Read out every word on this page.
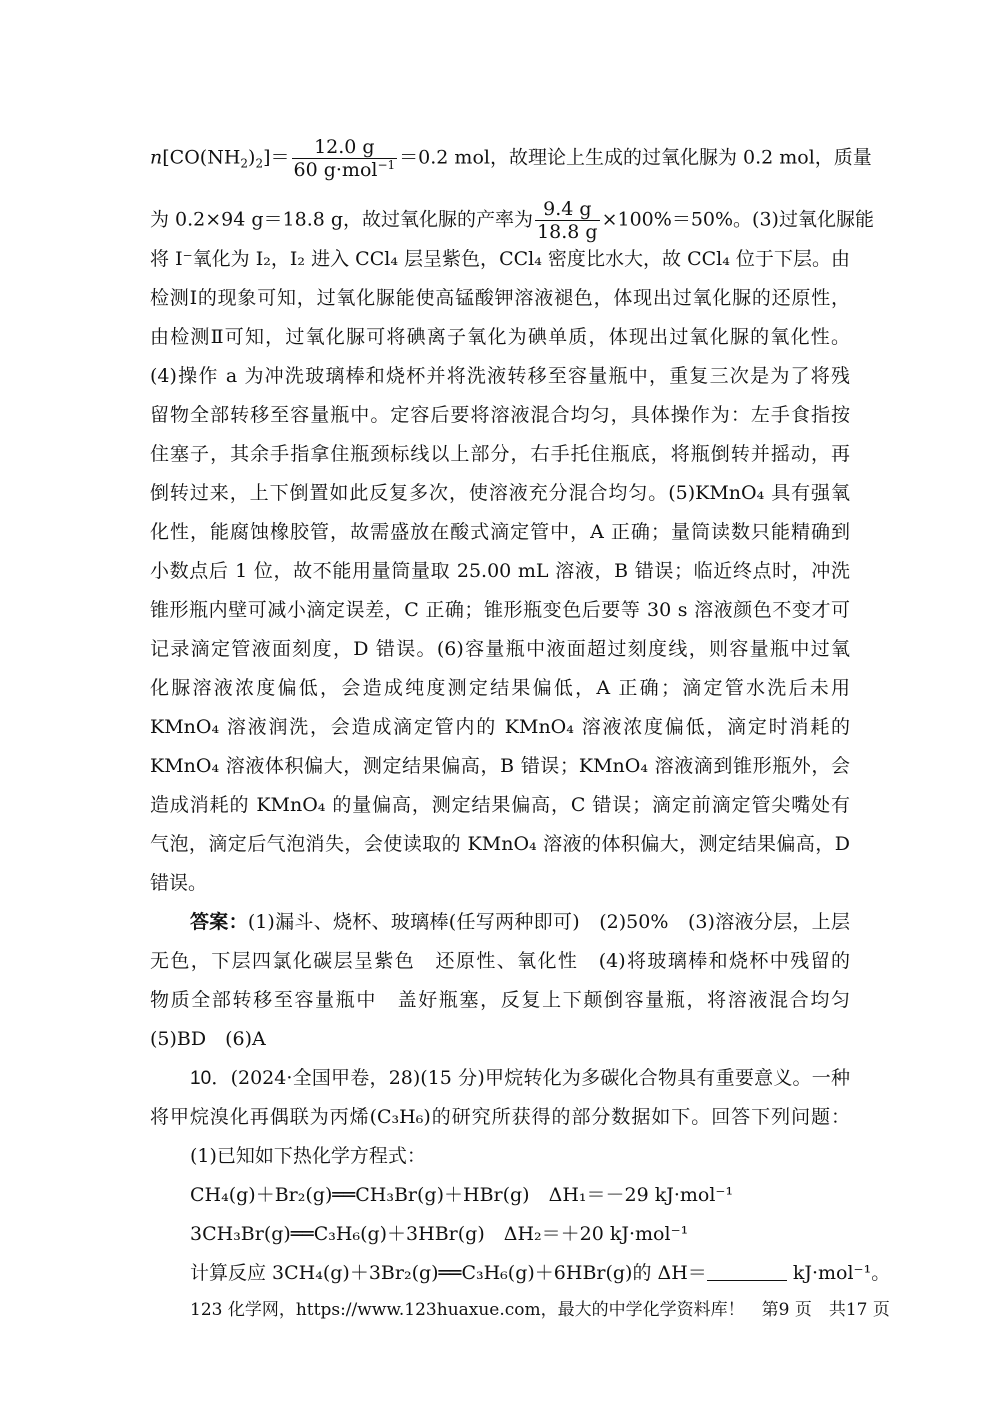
$n[CO(NH_2)_2]= \frac{12.0 g}{60 g\cdot mol^{-1}} =0.2$ mol，故理论上生成的过氧化脲为 0.2 mol，质量
为 0.2×94 g＝18.8 g，故过氧化脲的产率为 $\frac{9.4 g}{18.8 g} \times 100\%=50\%$。(3)过氧化脲能
将 I⁻氧化为 I₂，I₂ 进入 CCl₄ 层呈紫色，CCl₄ 密度比水大，故 CCl₄ 位于下层。由
检测Ⅰ的现象可知，过氧化脲能使高锰酸钾溶液褪色，体现出过氧化脲的还原性，
由检测Ⅱ可知，过氧化脲可将碘离子氧化为碘单质，体现出过氧化脲的氧化性。
(4)操作 a 为冲洗玻璃棒和烧杯并将洗液转移至容量瓶中，重复三次是为了将残
留物全部转移至容量瓶中。定容后要将溶液混合均匀，具体操作为：左手食指按
住塞子，其余手指拿住瓶颈标线以上部分，右手托住瓶底，将瓶倒转并摇动，再
倒转过来，上下倒置如此反复多次，使溶液充分混合均匀。(5)KMnO₄ 具有强氧
化性，能腐蚀橡胶管，故需盛放在酸式滴定管中，A 正确；量筒读数只能精确到
小数点后 1 位，故不能用量筒量取 25.00 mL 溶液，B 错误；临近终点时，冲洗
锥形瓶内壁可减小滴定误差，C 正确；锥形瓶变色后要等 30 s 溶液颜色不变才可
记录滴定管液面刻度，D 错误。(6)容量瓶中液面超过刻度线，则容量瓶中过氧
化脲溶液浓度偏低，会造成纯度测定结果偏低，A 正确；滴定管水洗后未用
KMnO₄ 溶液润洗，会造成滴定管内的 KMnO₄ 溶液浓度偏低，滴定时消耗的
KMnO₄ 溶液体积偏大，测定结果偏高，B 错误；KMnO₄ 溶液滴到锥形瓶外，会
造成消耗的 KMnO₄ 的量偏高，测定结果偏高，C 错误；滴定前滴定管尖嘴处有
气泡，滴定后气泡消失，会使读取的 KMnO₄ 溶液的体积偏大，测定结果偏高，D
错误。
答案：(1)漏斗、烧杯、玻璃棒(任写两种即可)　(2)50%　(3)溶液分层，上层
无色，下层四氯化碳层呈紫色　还原性、氧化性　(4)将玻璃棒和烧杯中残留的
物质全部转移至容量瓶中　盖好瓶塞，反复上下颠倒容量瓶，将溶液混合均匀
(5)BD　(6)A
10．(2024·全国甲卷，28)(15 分)甲烷转化为多碳化合物具有重要意义。一种
将甲烷溴化再偶联为丙烯(C₃H₆)的研究所获得的部分数据如下。回答下列问题：
(1)已知如下热化学方程式：
CH₄(g)＋Br₂(g)══CH₃Br(g)＋HBr(g)　ΔH₁＝－29 kJ·mol⁻¹
3CH₃Br(g)══C₃H₆(g)＋3HBr(g)　ΔH₂＝＋20 kJ·mol⁻¹
计算反应 3CH₄(g)＋3Br₂(g)══C₃H₆(g)＋6HBr(g)的 ΔH＝	kJ·mol⁻¹。
123 化学网，https://www.123huaxue.com，最大的中学化学资料库！　第9 页　共17 页
